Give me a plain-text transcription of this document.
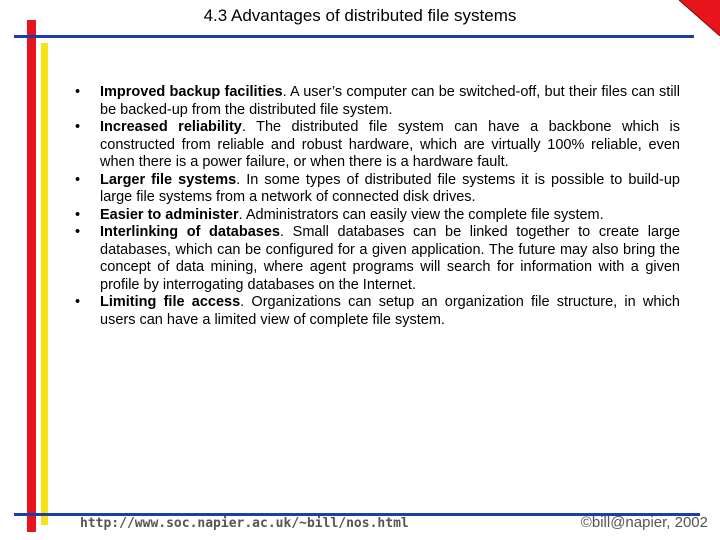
4.3 Advantages of distributed file systems
•	Improved backup facilities. A user’s computer can be switched-off, but their files can still be backed-up from the distributed file system.
•	Increased reliability. The distributed file system can have a backbone which is constructed from reliable and robust hardware, which are virtually 100% reliable, even when there is a power failure, or when there is a hardware fault.
•	Larger file systems. In some types of distributed file systems it is possible to build-up large file systems from a network of connected disk drives.
•	Easier to administer. Administrators can easily view the complete file system.
•	Interlinking of databases. Small databases can be linked together to create large databases, which can be configured for a given application. The future may also bring the concept of data mining, where agent programs will search for information with a given profile by interrogating databases on the Internet.
•	Limiting file access. Organizations can setup an organization file structure, in which users can have a limited view of complete file system.
http://www.soc.napier.ac.uk/~bill/nos.html	©bill@napier, 2002
